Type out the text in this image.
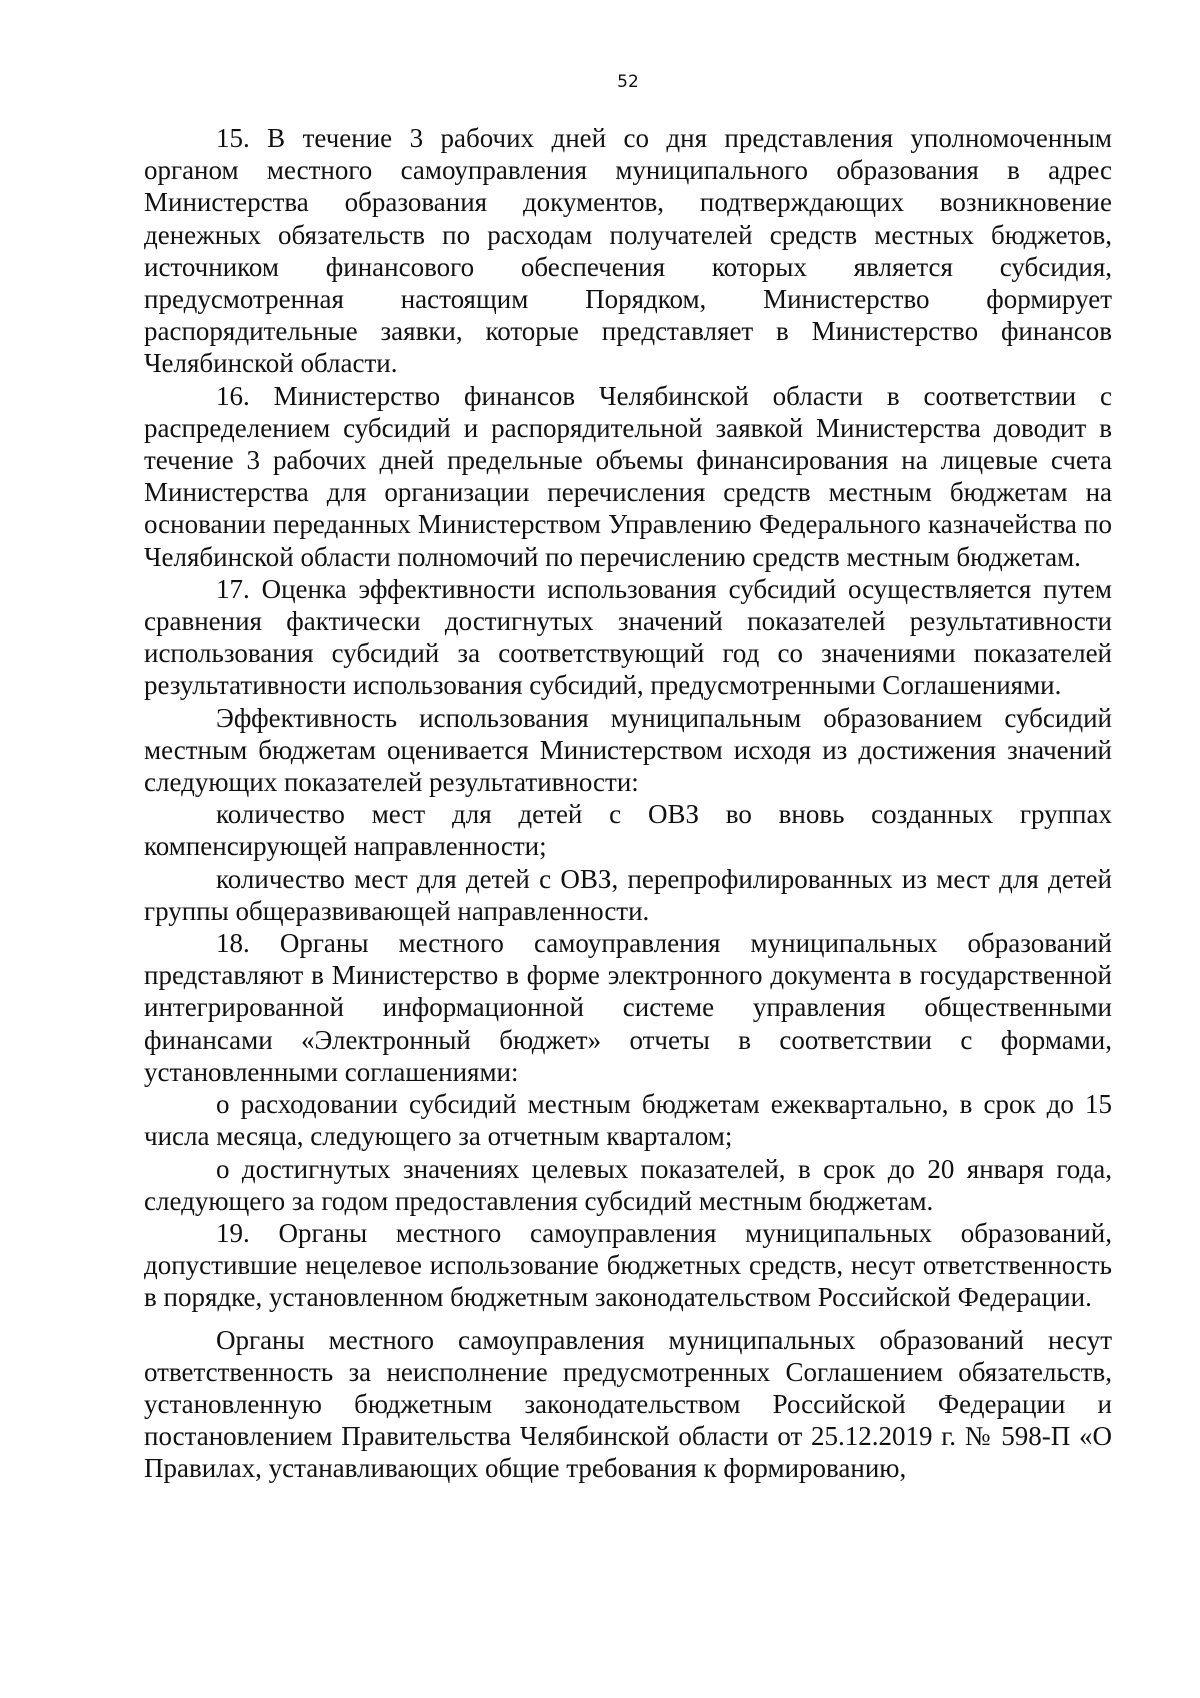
52

15. В течение 3 рабочих дней со дня представления уполномоченным органом местного самоуправления муниципального образования в адрес Министерства образования документов, подтверждающих возникновение денежных обязательств по расходам получателей средств местных бюджетов, источником финансового обеспечения которых является субсидия, предусмотренная настоящим Порядком, Министерство формирует распорядительные заявки, которые представляет в Министерство финансов Челябинской области.

16. Министерство финансов Челябинской области в соответствии с распределением субсидий и распорядительной заявкой Министерства доводит в течение 3 рабочих дней предельные объемы финансирования на лицевые счета Министерства для организации перечисления средств местным бюджетам на основании переданных Министерством Управлению Федерального казначейства по Челябинской области полномочий по перечислению средств местным бюджетам.

17. Оценка эффективности использования субсидий осуществляется путем сравнения фактически достигнутых значений показателей результативности использования субсидий за соответствующий год со значениями показателей результативности использования субсидий, предусмотренными Соглашениями.

Эффективность использования муниципальным образованием субсидий местным бюджетам оценивается Министерством исходя из достижения значений следующих показателей результативности:

количество мест для детей с ОВЗ во вновь созданных группах компенсирующей направленности;

количество мест для детей с ОВЗ, перепрофилированных из мест для детей группы общеразвивающей направленности.

18. Органы местного самоуправления муниципальных образований представляют в Министерство в форме электронного документа в государственной интегрированной информационной системе управления общественными финансами «Электронный бюджет» отчеты в соответствии с формами, установленными соглашениями:

о расходовании субсидий местным бюджетам ежеквартально, в срок до 15 числа месяца, следующего за отчетным кварталом;

о достигнутых значениях целевых показателей, в срок до 20 января года, следующего за годом предоставления субсидий местным бюджетам.

19. Органы местного самоуправления муниципальных образований, допустившие нецелевое использование бюджетных средств, несут ответственность в порядке, установленном бюджетным законодательством Российской Федерации.

Органы местного самоуправления муниципальных образований несут ответственность за неисполнение предусмотренных Соглашением обязательств, установленную бюджетным законодательством Российской Федерации и постановлением Правительства Челябинской области от 25.12.2019 г. № 598-П «О Правилах, устанавливающих общие требования к формированию,
